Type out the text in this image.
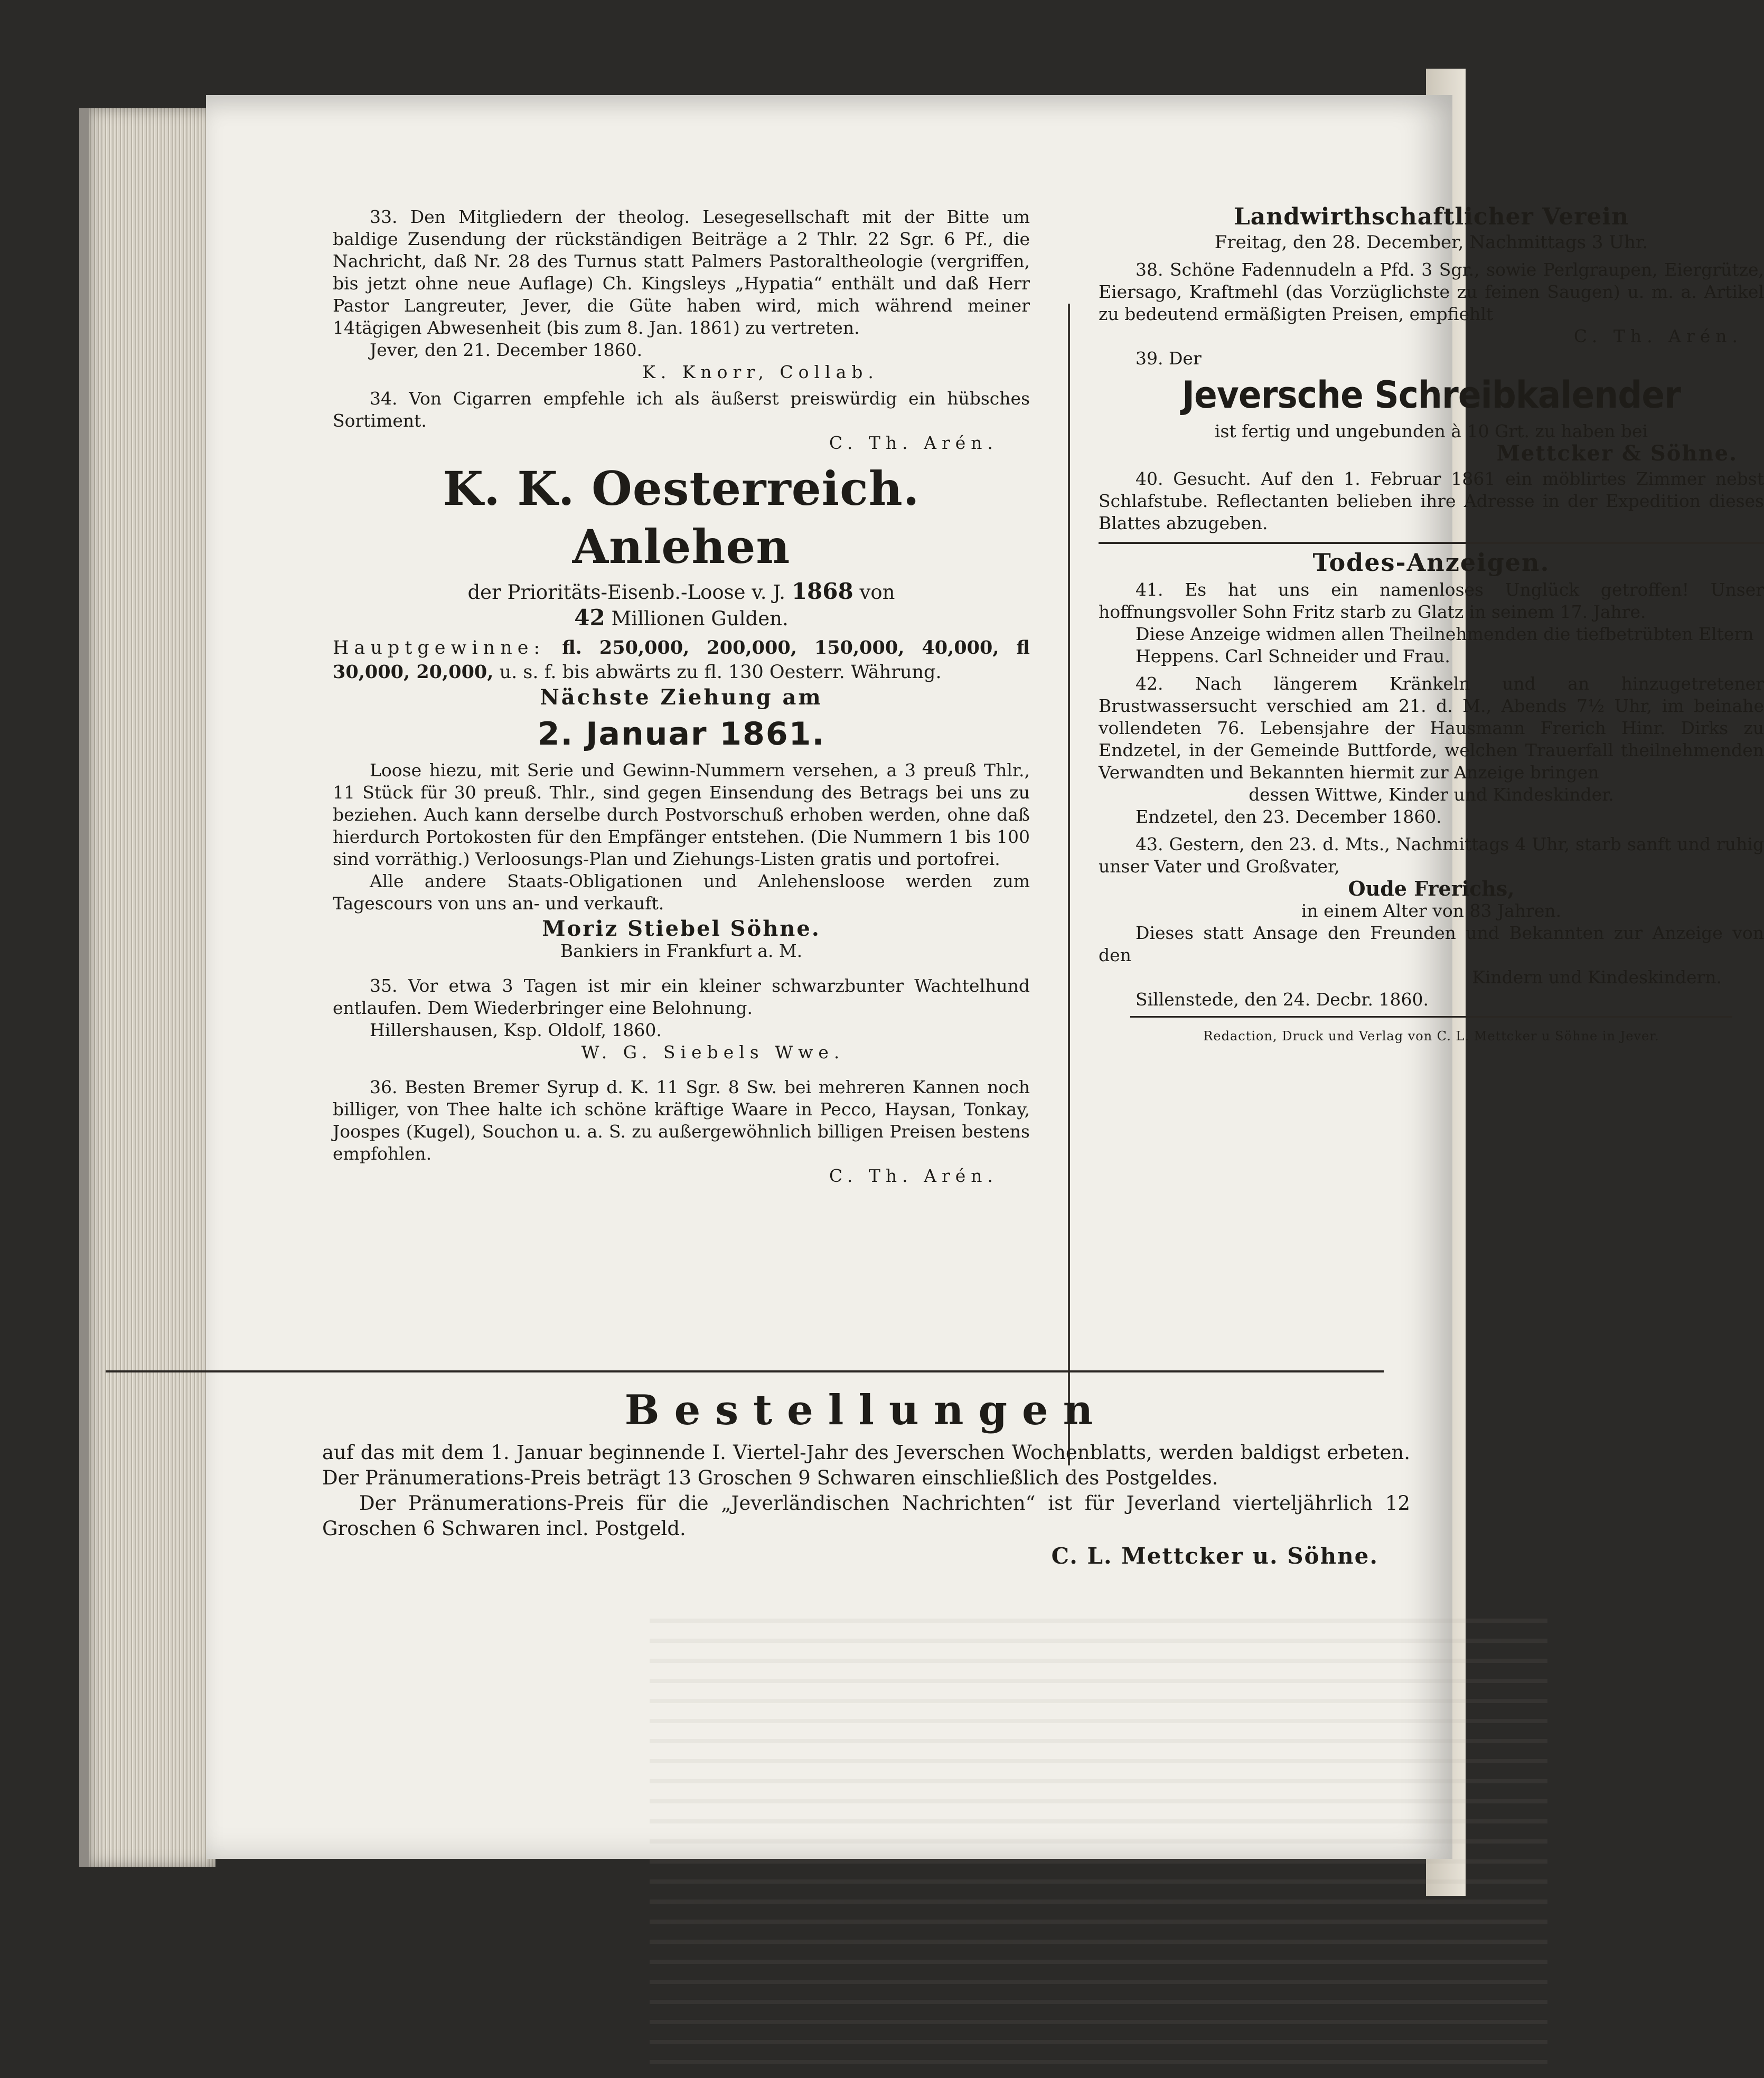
33. Den Mitgliedern der theolog. Lesegesellschaft mit der Bitte um baldige Zusendung der rückständigen Beiträge a 2 Thlr. 22 Sgr. 6 Pf., die Nachricht, daß Nr. 28 des Turnus statt Palmers Pastoraltheologie (vergriffen, bis jetzt ohne neue Auflage) Ch. Kingsleys „Hypatia“ enthält und daß Herr Pastor Langreuter, Jever, die Güte haben wird, mich während meiner 14tägigen Abwesenheit (bis zum 8. Jan. 1861) zu vertreten.

Jever, den 21. December 1860.

K. Knorr, Collab.

34. Von Cigarren empfehle ich als äußerst preiswürdig ein hübsches Sortiment.

C. Th. Arén.

K. K. Oesterreich. Anlehen

der Prioritäts-Eisenb.-Loose v. J. 1868 von

42 Millionen Gulden.

Hauptgewinne: fl. 250,000, 200,000, 150,000, 40,000, fl 30,000, 20,000, u. s. f. bis abwärts zu fl. 130 Oesterr. Währung.

Nächste Ziehung am

2. Januar 1861.

Loose hiezu, mit Serie und Gewinn-Nummern versehen, a 3 preuß Thlr., 11 Stück für 30 preuß. Thlr., sind gegen Einsendung des Betrags bei uns zu beziehen. Auch kann derselbe durch Postvorschuß erhoben werden, ohne daß hierdurch Portokosten für den Empfänger entstehen. (Die Nummern 1 bis 100 sind vorräthig.) Verloosungs-Plan und Ziehungs-Listen gratis und portofrei.

Alle andere Staats-Obligationen und Anlehensloose werden zum Tagescours von uns an- und verkauft.

Moriz Stiebel Söhne.

Bankiers in Frankfurt a. M.

35. Vor etwa 3 Tagen ist mir ein kleiner schwarzbunter Wachtelhund entlaufen. Dem Wiederbringer eine Belohnung.

Hillershausen, Ksp. Oldolf, 1860.

W. G. Siebels Wwe.

36. Besten Bremer Syrup d. K. 11 Sgr. 8 Sw. bei mehreren Kannen noch billiger, von Thee halte ich schöne kräftige Waare in Pecco, Haysan, Tonkay, Joospes (Kugel), Souchon u. a. S. zu außergewöhnlich billigen Preisen bestens empfohlen.

C. Th. Arén.

Landwirthschaftlicher Verein

Freitag, den 28. December, Nachmittags 3 Uhr.

38. Schöne Fadennudeln a Pfd. 3 Sgr., sowie Perlgraupen, Eiergrütze, Eiersago, Kraftmehl (das Vorzüglichste zu feinen Saugen) u. m. a. Artikel zu bedeutend ermäßigten Preisen, empfiehlt

C. Th. Arén.

39. Der

Jeversche Schreibkalender

ist fertig und ungebunden à 10 Grt. zu haben bei

Mettcker & Söhne.

40. Gesucht. Auf den 1. Februar 1861 ein möblirtes Zimmer nebst Schlafstube. Reflectanten belieben ihre Adresse in der Expedition dieses Blattes abzugeben.

Todes-Anzeigen.

41. Es hat uns ein namenloses Unglück getroffen! Unser hoffnungsvoller Sohn Fritz starb zu Glatz in seinem 17. Jahre.

Diese Anzeige widmen allen Theilnehmenden die tiefbetrübten Eltern

Heppens. Carl Schneider und Frau.

42. Nach längerem Kränkeln und an hinzugetretener Brustwassersucht verschied am 21. d. M., Abends 7½ Uhr, im beinahe vollendeten 76. Lebensjahre der Hausmann Frerich Hinr. Dirks zu Endzetel, in der Gemeinde Buttforde, welchen Trauerfall theilnehmenden Verwandten und Bekannten hiermit zur Anzeige bringen

dessen Wittwe, Kinder und Kindeskinder.

Endzetel, den 23. December 1860.

43. Gestern, den 23. d. Mts., Nachmittags 4 Uhr, starb sanft und ruhig unser Vater und Großvater,

Oude Frerichs,

in einem Alter von 83 Jahren.

Dieses statt Ansage den Freunden und Bekannten zur Anzeige von den

Kindern und Kindeskindern.

Sillenstede, den 24. Decbr. 1860.

Redaction, Druck und Verlag von C. L. Mettcker u Söhne in Jever.

Bestellungen

auf das mit dem 1. Januar beginnende I. Viertel-Jahr des Jeverschen Wochenblatts, werden baldigst erbeten. Der Pränumerations-Preis beträgt 13 Groschen 9 Schwaren einschließlich des Postgeldes.

Der Pränumerations-Preis für die „Jeverländischen Nachrichten“ ist für Jeverland vierteljährlich 12 Groschen 6 Schwaren incl. Postgeld.

C. L. Mettcker u. Söhne.
